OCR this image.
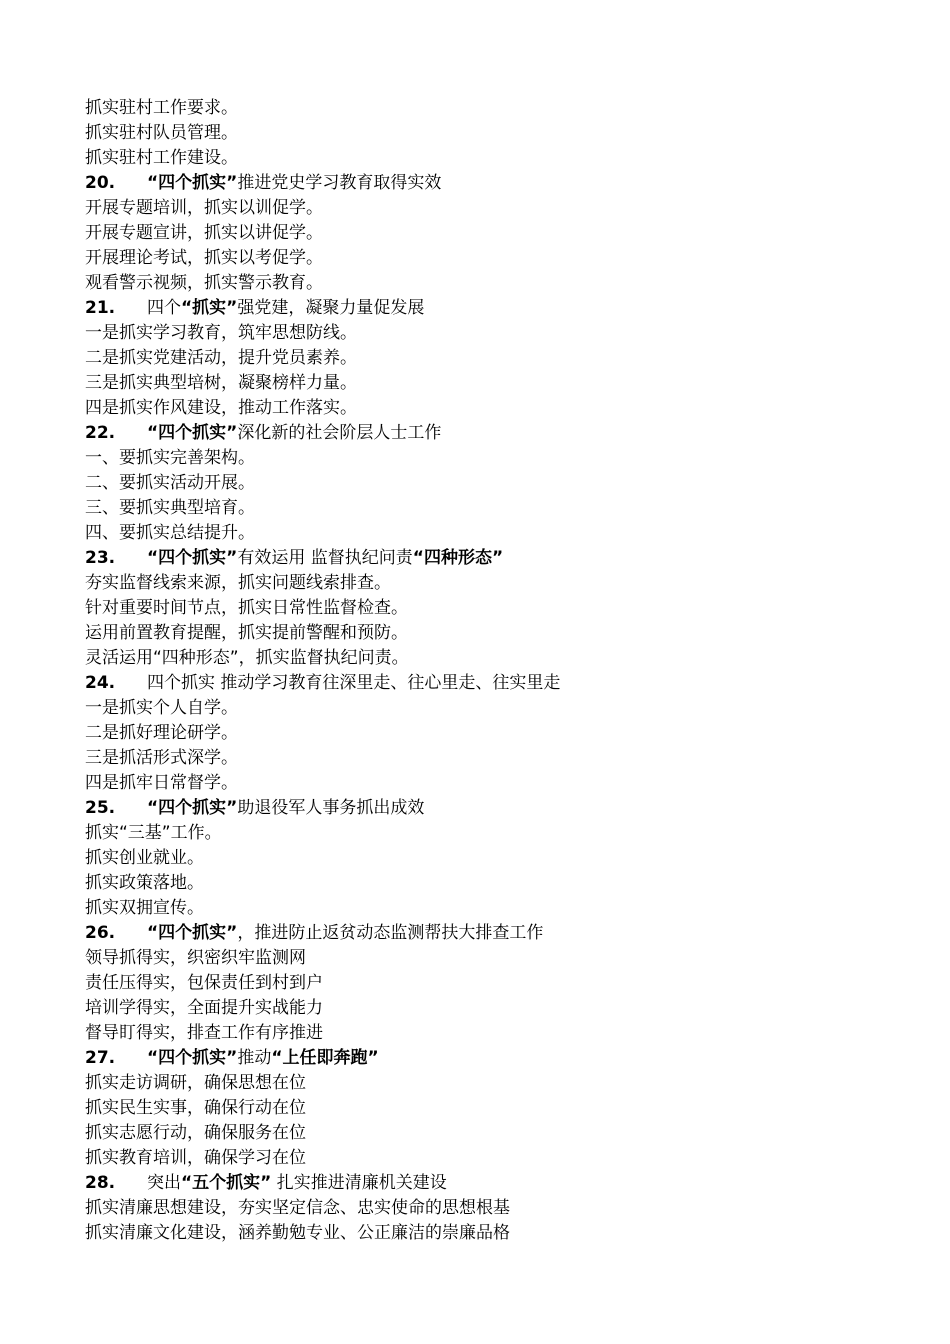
抓实驻村工作要求。
抓实驻村队员管理。
抓实驻村工作建设。
20. “四个抓实”推进党史学习教育取得实效
开展专题培训，抓实以训促学。
开展专题宣讲，抓实以讲促学。
开展理论考试，抓实以考促学。
观看警示视频，抓实警示教育。
21. 四个“抓实”强党建，凝聚力量促发展
一是抓实学习教育，筑牢思想防线。
二是抓实党建活动，提升党员素养。
三是抓实典型培树，凝聚榜样力量。
四是抓实作风建设，推动工作落实。
22. “四个抓实”深化新的社会阶层人士工作
一、要抓实完善架构。
二、要抓实活动开展。
三、要抓实典型培育。
四、要抓实总结提升。
23. “四个抓实”有效运用 监督执纪问责“四种形态”
夯实监督线索来源，抓实问题线索排查。
针对重要时间节点，抓实日常性监督检查。
运用前置教育提醒，抓实提前警醒和预防。
灵活运用“四种形态”，抓实监督执纪问责。
24. 四个抓实 推动学习教育往深里走、往心里走、往实里走
一是抓实个人自学。
二是抓好理论研学。
三是抓活形式深学。
四是抓牢日常督学。
25. “四个抓实”助退役军人事务抓出成效
抓实“三基”工作。
抓实创业就业。
抓实政策落地。
抓实双拥宣传。
26. “四个抓实”，推进防止返贫动态监测帮扶大排查工作
领导抓得实，织密织牢监测网
责任压得实，包保责任到村到户
培训学得实，全面提升实战能力
督导盯得实，排查工作有序推进
27. “四个抓实”推动“上任即奔跑”
抓实走访调研，确保思想在位
抓实民生实事，确保行动在位
抓实志愿行动，确保服务在位
抓实教育培训，确保学习在位
28. 突出“五个抓实” 扎实推进清廉机关建设
抓实清廉思想建设，夯实坚定信念、忠实使命的思想根基
抓实清廉文化建设，涵养勤勉专业、公正廉洁的崇廉品格
